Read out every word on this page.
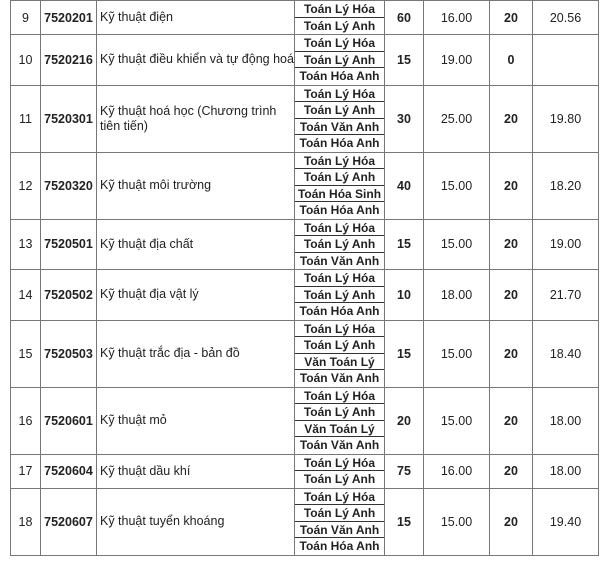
9	7520201	Kỹ thuật điện	Toán Lý Hóa
Toán Lý Anh	60	16.00	20	20.56
10	7520216	Kỹ thuật điều khiển và tự động hoá	Toán Lý Hóa
Toán Lý Anh
Toán Hóa Anh	15	19.00	0	
11	7520301	Kỹ thuật hoá học (Chương trình tiên tiến)	Toán Lý Hóa
Toán Lý Anh
Toán Văn Anh
Toán Hóa Anh	30	25.00	20	19.80
12	7520320	Kỹ thuật môi trường	Toán Lý Hóa
Toán Lý Anh
Toán Hóa Sinh
Toán Hóa Anh	40	15.00	20	18.20
13	7520501	Kỹ thuật địa chất	Toán Lý Hóa
Toán Lý Anh
Toán Văn Anh	15	15.00	20	19.00
14	7520502	Kỹ thuật địa vật lý	Toán Lý Hóa
Toán Lý Anh
Toán Hóa Anh	10	18.00	20	21.70
15	7520503	Kỹ thuật trắc địa - bản đồ	Toán Lý Hóa
Toán Lý Anh
Văn Toán Lý
Toán Văn Anh	15	15.00	20	18.40
16	7520601	Kỹ thuật mỏ	Toán Lý Hóa
Toán Lý Anh
Văn Toán Lý
Toán Văn Anh	20	15.00	20	18.00
17	7520604	Kỹ thuật dầu khí	Toán Lý Hóa
Toán Lý Anh	75	16.00	20	18.00
18	7520607	Kỹ thuật tuyển khoáng	Toán Lý Hóa
Toán Lý Anh
Toán Văn Anh
Toán Hóa Anh	15	15.00	20	19.40
